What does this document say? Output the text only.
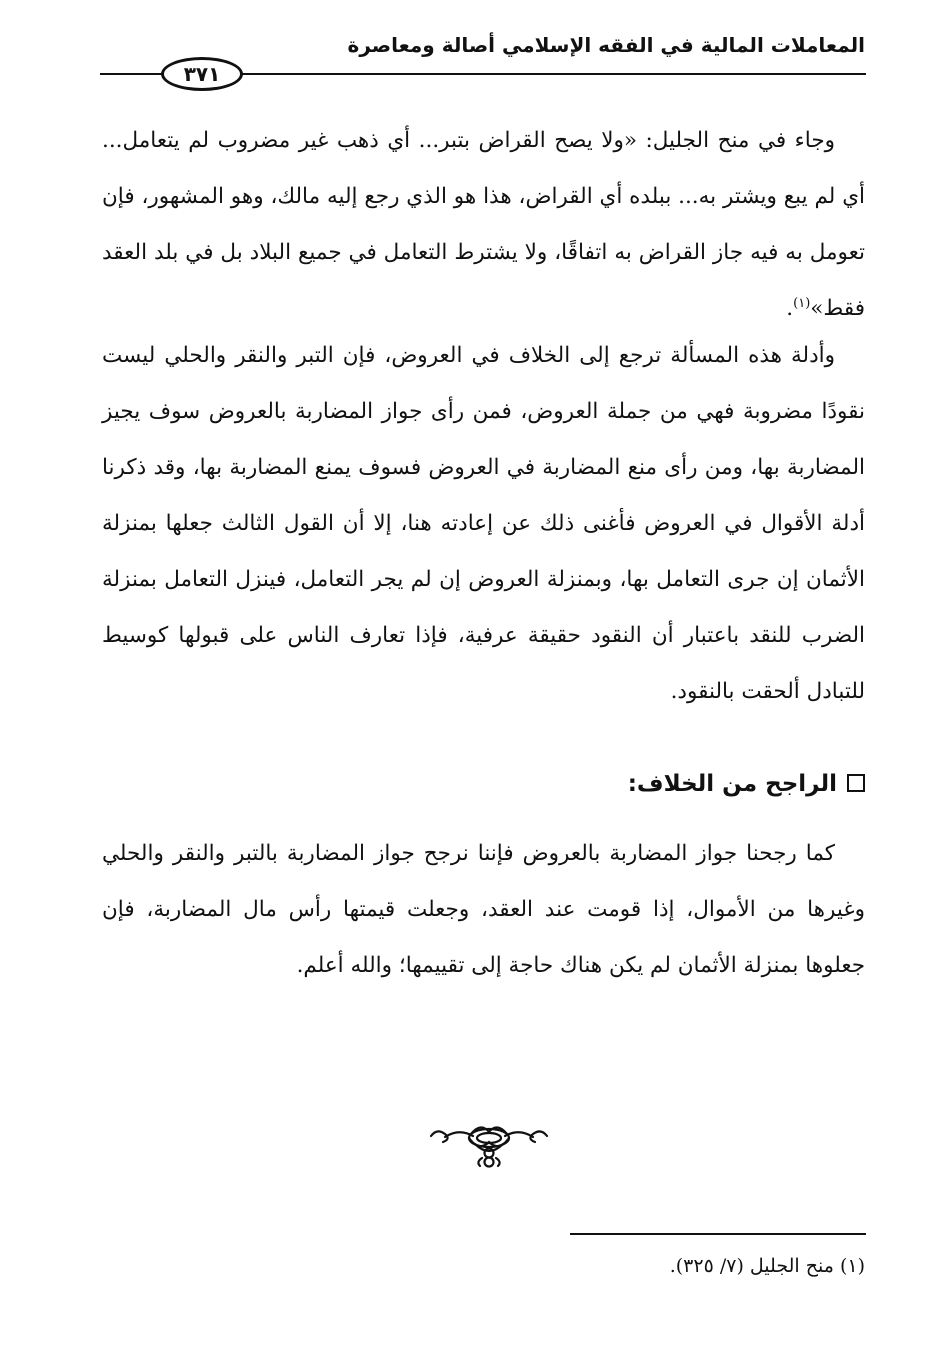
المعاملات المالية في الفقه الإسلامي أصالة ومعاصرة
٣٧١

وجاء في منح الجليل: «ولا يصح القراض بتبر... أي ذهب غير مضروب لم يتعامل... أي لم يبع ويشتر به... ببلده أي القراض، هذا هو الذي رجع إليه مالك، وهو المشهور، فإن تعومل به فيه جاز القراض به اتفاقًا، ولا يشترط التعامل في جميع البلاد بل في بلد العقد فقط»$^{(١)}$.

وأدلة هذه المسألة ترجع إلى الخلاف في العروض، فإن التبر والنقر والحلي ليست نقودًا مضروبة فهي من جملة العروض، فمن رأى جواز المضاربة بالعروض سوف يجيز المضاربة بها، ومن رأى منع المضاربة في العروض فسوف يمنع المضاربة بها، وقد ذكرنا أدلة الأقوال في العروض فأغنى ذلك عن إعادته هنا، إلا أن القول الثالث جعلها بمنزلة الأثمان إن جرى التعامل بها، وبمنزلة العروض إن لم يجر التعامل، فينزل التعامل بمنزلة الضرب للنقد باعتبار أن النقود حقيقة عرفية، فإذا تعارف الناس على قبولها كوسيط للتبادل ألحقت بالنقود.

الراجح من الخلاف:

كما رجحنا جواز المضاربة بالعروض فإننا نرجح جواز المضاربة بالتبر والنقر والحلي وغيرها من الأموال، إذا قومت عند العقد، وجعلت قيمتها رأس مال المضاربة، فإن جعلوها بمنزلة الأثمان لم يكن هناك حاجة إلى تقييمها؛ والله أعلم.

(١) منح الجليل (٧/ ٣٢٥).
